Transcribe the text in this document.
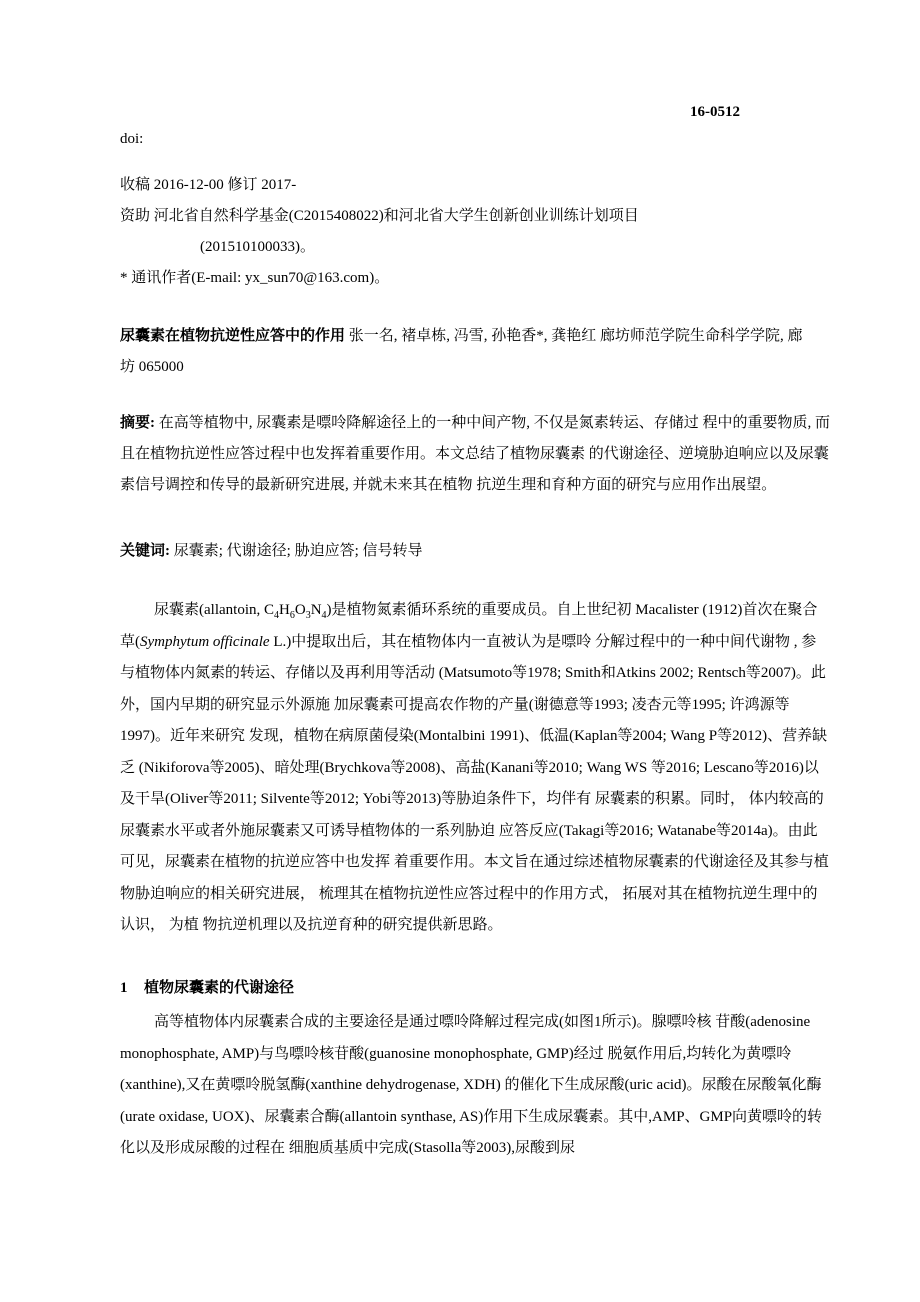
16-0512
doi:
收稿 2016-12-00 修订 2017-
资助 河北省自然科学基金(C2015408022)和河北省大学生创新创业训练计划项目
(201510100033)。
* 通讯作者(E-mail: yx_sun70@163.com)。
尿囊素在植物抗逆性应答中的作用 张一名, 褚卓栋, 冯雪, 孙艳香*, 龚艳红 廊坊师范学院生命科学学院, 廊坊 065000
摘要: 在高等植物中, 尿囊素是嘌呤降解途径上的一种中间产物, 不仅是氮素转运、存储过 程中的重要物质, 而且在植物抗逆性应答过程中也发挥着重要作用。本文总结了植物尿囊素 的代谢途径、逆境胁迫响应以及尿囊素信号调控和传导的最新研究进展, 并就未来其在植物 抗逆生理和育种方面的研究与应用作出展望。
关键词: 尿囊素; 代谢途径; 胁迫应答; 信号转导
尿囊素(allantoin, $C_4H_6O_3N_4$)是植物氮素循环系统的重要成员。自上世纪初 Macalister (1912)首次在聚合草(Symphytum officinale L.)中提取出后，其在植物体内一直被认为是嘌呤 分解过程中的一种中间代谢物 , 参与植物体内氮素的转运、存储以及再利用等活动 (Matsumoto等1978; Smith和Atkins 2002; Rentsch等2007)。此外，国内早期的研究显示外源施 加尿囊素可提高农作物的产量(谢德意等1993; 凌杏元等1995; 许鸿源等1997)。近年来研究 发现，植物在病原菌侵染(Montalbini 1991)、低温(Kaplan等2004; Wang P等2012)、营养缺乏 (Nikiforova等2005)、暗处理(Brychkova等2008)、高盐(Kanani等2010; Wang WS 等2016; Lescano等2016)以及干旱(Oliver等2011; Silvente等2012; Yobi等2013)等胁迫条件下，均伴有 尿囊素的积累。同时， 体内较高的尿囊素水平或者外施尿囊素又可诱导植物体的一系列胁迫 应答反应(Takagi等2016; Watanabe等2014a)。由此可见，尿囊素在植物的抗逆应答中也发挥 着重要作用。本文旨在通过综述植物尿囊素的代谢途径及其参与植物胁迫响应的相关研究进展， 梳理其在植物抗逆性应答过程中的作用方式， 拓展对其在植物抗逆生理中的认识， 为植 物抗逆机理以及抗逆育种的研究提供新思路。
1 植物尿囊素的代谢途径
高等植物体内尿囊素合成的主要途径是通过嘌呤降解过程完成(如图1所示)。腺嘌呤核 苷酸(adenosine monophosphate, AMP)与鸟嘌呤核苷酸(guanosine monophosphate, GMP)经过 脱氨作用后,均转化为黄嘌呤(xanthine),又在黄嘌呤脱氢酶(xanthine dehydrogenase, XDH) 的催化下生成尿酸(uric acid)。尿酸在尿酸氧化酶(urate oxidase, UOX)、尿囊素合酶(allantoin synthase, AS)作用下生成尿囊素。其中,AMP、GMP向黄嘌呤的转化以及形成尿酸的过程在 细胞质基质中完成(Stasolla等2003),尿酸到尿
